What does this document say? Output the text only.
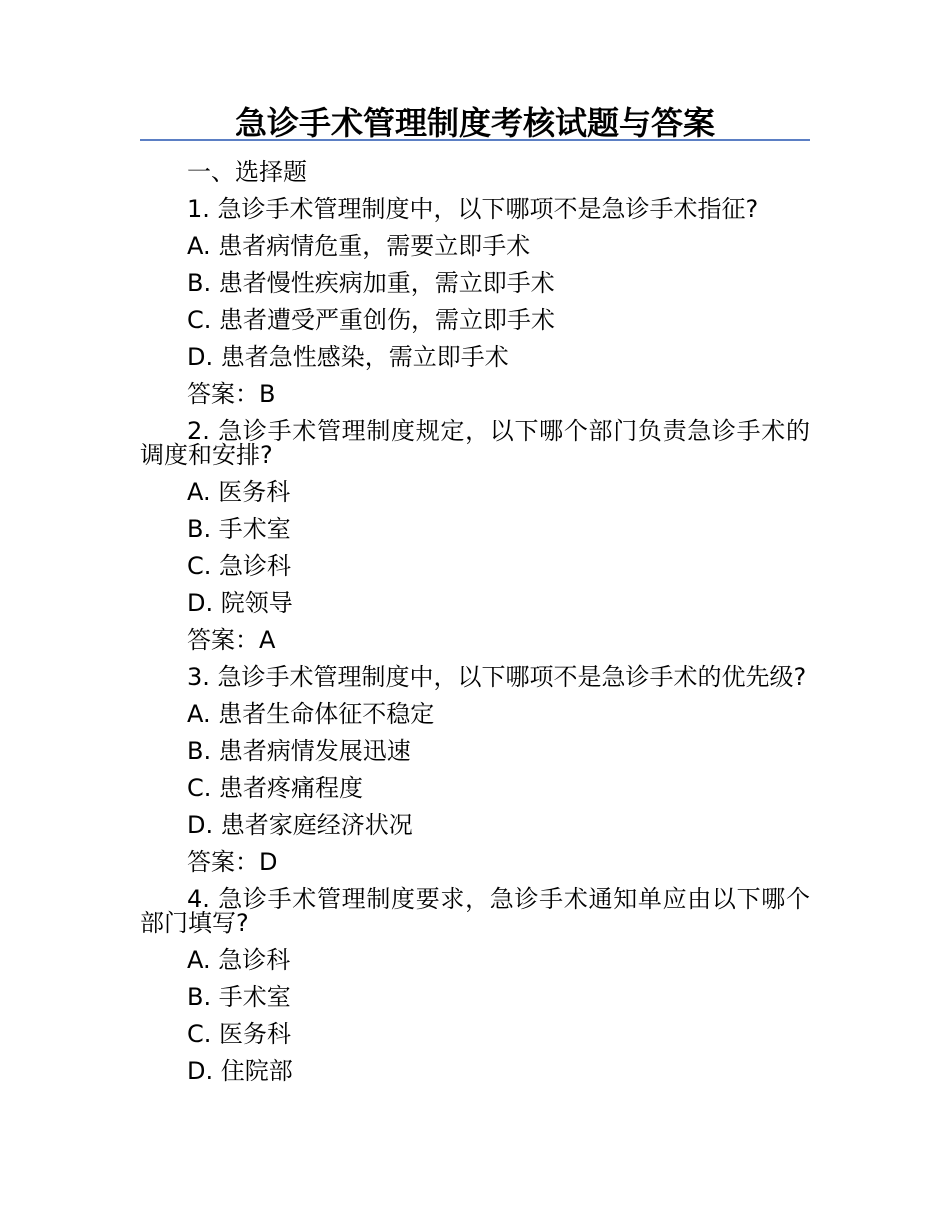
急诊手术管理制度考核试题与答案
一、选择题
1. 急诊手术管理制度中，以下哪项不是急诊手术指征?
A. 患者病情危重，需要立即手术
B. 患者慢性疾病加重，需立即手术
C. 患者遭受严重创伤，需立即手术
D. 患者急性感染，需立即手术
答案：B
2. 急诊手术管理制度规定，以下哪个部门负责急诊手术的调度和安排?
A. 医务科
B. 手术室
C. 急诊科
D. 院领导
答案：A
3. 急诊手术管理制度中，以下哪项不是急诊手术的优先级?
A. 患者生命体征不稳定
B. 患者病情发展迅速
C. 患者疼痛程度
D. 患者家庭经济状况
答案：D
4. 急诊手术管理制度要求，急诊手术通知单应由以下哪个部门填写?
A. 急诊科
B. 手术室
C. 医务科
D. 住院部
